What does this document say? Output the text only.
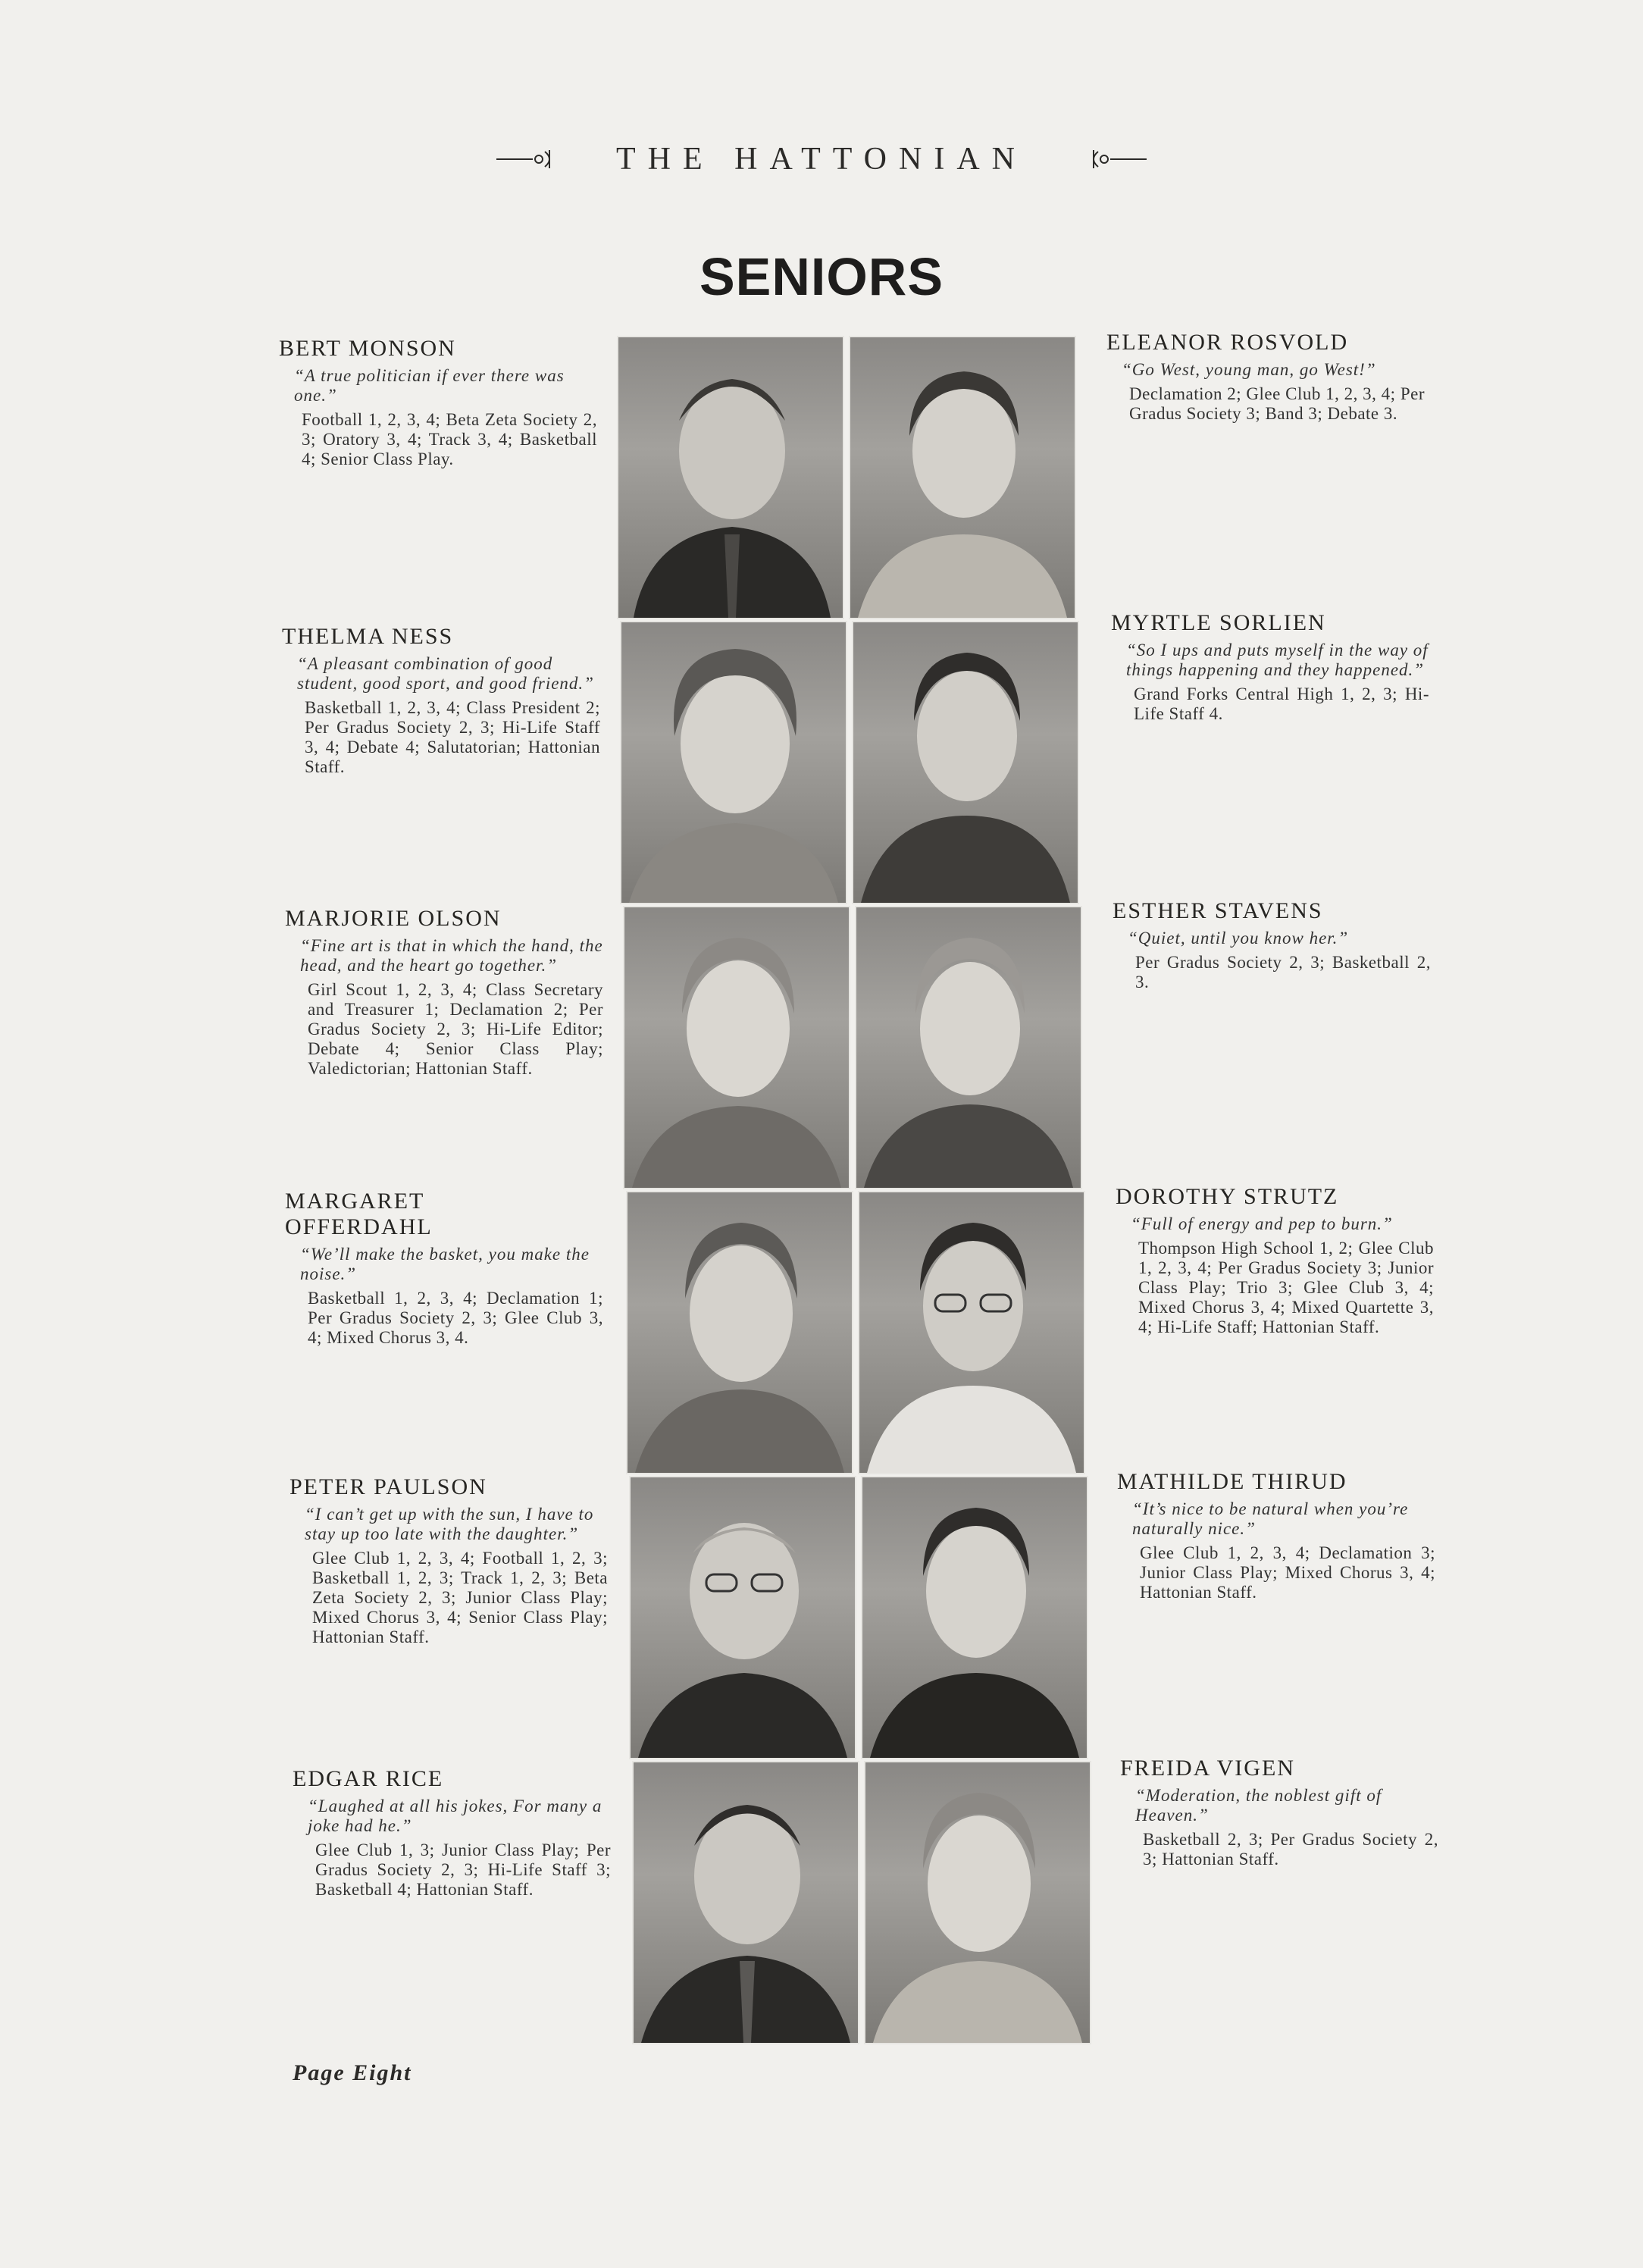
THE HATTONIAN
SENIORS
BERT MONSON
“A true politician if ever there was one.”
Football 1, 2, 3, 4; Beta Zeta Society 2, 3; Oratory 3, 4; Track 3, 4; Basketball 4; Senior Class Play.
THELMA NESS
“A pleasant combination of good student, good sport, and good friend.”
Basketball 1, 2, 3, 4; Class President 2; Per Gradus Society 2, 3; Hi-Life Staff 3, 4; Debate 4; Salutatorian; Hattonian Staff.
MARJORIE OLSON
“Fine art is that in which the hand, the head, and the heart go together.”
Girl Scout 1, 2, 3, 4; Class Secretary and Treasurer 1; Declamation 2; Per Gradus Society 2, 3; Hi-Life Editor; Debate 4; Senior Class Play; Valedictorian; Hattonian Staff.
MARGARET OFFERDAHL
“We’ll make the basket, you make the noise.”
Basketball 1, 2, 3, 4; Declamation 1; Per Gradus Society 2, 3; Glee Club 3, 4; Mixed Chorus 3, 4.
PETER PAULSON
“I can’t get up with the sun, I have to stay up too late with the daughter.”
Glee Club 1, 2, 3, 4; Football 1, 2, 3; Basketball 1, 2, 3; Track 1, 2, 3; Beta Zeta Society 2, 3; Junior Class Play; Mixed Chorus 3, 4; Senior Class Play; Hattonian Staff.
EDGAR RICE
“Laughed at all his jokes, For many a joke had he.”
Glee Club 1, 3; Junior Class Play; Per Gradus Society 2, 3; Hi-Life Staff 3; Basketball 4; Hattonian Staff.
ELEANOR ROSVOLD
“Go West, young man, go West!”
Declamation 2; Glee Club 1, 2, 3, 4; Per Gradus Society 3; Band 3; Debate 3.
MYRTLE SORLIEN
“So I ups and puts myself in the way of things happening and they happened.”
Grand Forks Central High 1, 2, 3; Hi-Life Staff 4.
ESTHER STAVENS
“Quiet, until you know her.”
Per Gradus Society 2, 3; Basketball 2, 3.
DOROTHY STRUTZ
“Full of energy and pep to burn.”
Thompson High School 1, 2; Glee Club 1, 2, 3, 4; Per Gradus Society 3; Junior Class Play; Trio 3; Glee Club 3, 4; Mixed Chorus 3, 4; Mixed Quartette 3, 4; Hi-Life Staff; Hattonian Staff.
MATHILDE THIRUD
“It’s nice to be natural when you’re naturally nice.”
Glee Club 1, 2, 3, 4; Declamation 3; Junior Class Play; Mixed Chorus 3, 4; Hattonian Staff.
FREIDA VIGEN
“Moderation, the noblest gift of Heaven.”
Basketball 2, 3; Per Gradus Society 2, 3; Hattonian Staff.
Page Eight
